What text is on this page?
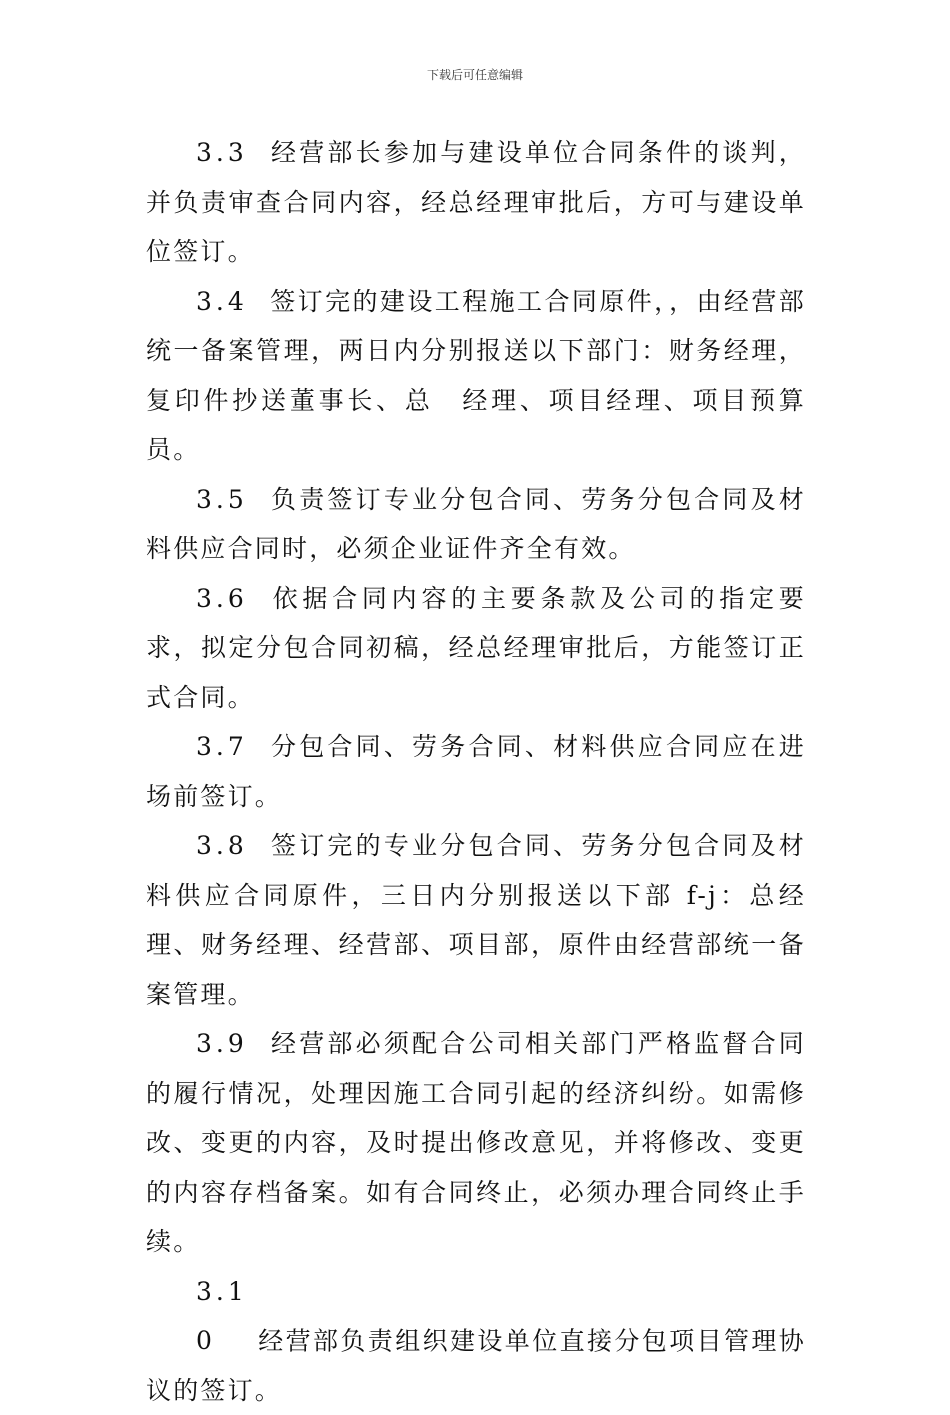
下载后可任意编辑

3.3 经营部长参加与建设单位合同条件的谈判，并负责审查合同内容，经总经理审批后，方可与建设单位签订。

3.4 签订完的建设工程施工合同原件，，由经营部统一备案管理，两日内分别报送以下部门：财务经理，复印件抄送董事长、总　经理、项目经理、项目预算员。

3.5 负责签订专业分包合同、劳务分包合同及材料供应合同时，必须企业证件齐全有效。

3.6 依据合同内容的主要条款及公司的指定要求，拟定分包合同初稿，经总经理审批后，方能签订正式合同。

3.7 分包合同、劳务合同、材料供应合同应在进场前签订。

3.8 签订完的专业分包合同、劳务分包合同及材料供应合同原件，三日内分别报送以下部 f-j：总经理、财务经理、经营部、项目部，原件由经营部统一备案管理。

3.9 经营部必须配合公司相关部门严格监督合同的履行情况，处理因施工合同引起的经济纠纷。如需修改、变更的内容，及时提出修改意见，并将修改、变更的内容存档备案。如有合同终止，必须办理合同终止手续。

3.10 经营部负责组织建设单位直接分包项目管理协议的签订。
